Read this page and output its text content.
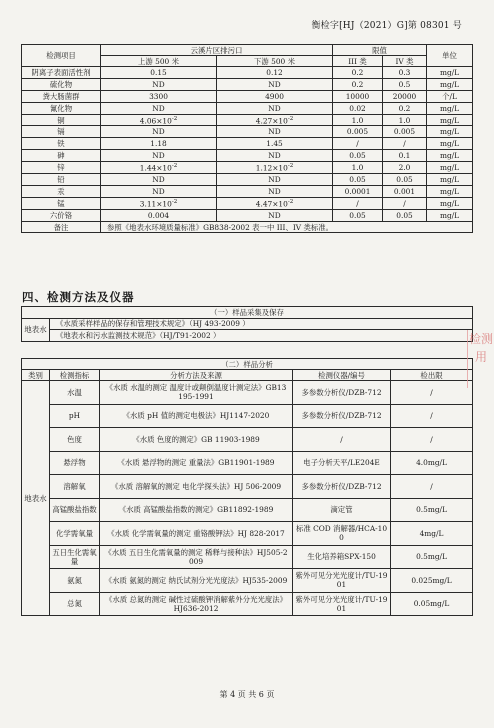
衡检字[HJ（2021）G]第 08301 号
检测项目	云溪片区排污口		限值		单位
	上游 500 米	下游 500 米	III 类	IV 类	
阴离子表面活性剂	0.15	0.12	0.2	0.3	mg/L
硫化物	ND	ND	0.2	0.5	mg/L
粪大肠菌群	3300	4900	10000	20000	个/L
氰化物	ND	ND	0.02	0.2	mg/L
铜	$4.06\times 10^{-2}$	$4.27\times 10^{-2}$	1.0	1.0	mg/L
镉	ND	ND	0.005	0.005	mg/L
铁	1.18	1.45	/	/	mg/L
砷	ND	ND	0.05	0.1	mg/L
锌	$1.44\times 10^{-2}$	$1.12\times 10^{-2}$	1.0	2.0	mg/L
铅	ND	ND	0.05	0.05	mg/L
汞	ND	ND	0.0001	0.001	mg/L
锰	$3.11\times 10^{-2}$	$4.47\times 10^{-2}$	/	/	mg/L
六价铬	0.004	ND	0.05	0.05	mg/L
备注	参照《地表水环境质量标准》GB838-2002 表一中 III、IV 类标准。				
四、检测方法及仪器
（一）样品采集及保存
地表水	《水质采样样品的保存和管理技术规定》（HJ 493-2009 ）
《地表水和污水监测技术规范》（HJ/T91-2002 ）
（二）样品分析				
类别	检测指标	分析方法及来源	检测仪器/编号	检出限
地表水	水温	《水质 水温的测定 温度计或颠倒温度计测定法》GB13195-1991	多参数分析仪/DZB-712	/
	pH	《水质 pH 值的测定电极法》HJ1147-2020	多参数分析仪/DZB-712	/
	色度	《水质 色度的测定》GB 11903-1989	/	/
	悬浮物	《水质 悬浮物的测定 重量法》GB11901-1989	电子分析天平/LE204E	4.0mg/L
	溶解氧	《水质 溶解氧的测定 电化学探头法》HJ 506-2009	多参数分析仪/DZB-712	/
	高锰酸盐指数	《水质 高锰酸盐指数的测定》GB11892-1989	滴定管	0.5mg/L
	化学需氧量	《水质 化学需氧量的测定 重铬酸钾法》HJ 828-2017	标准 COD 消解器/HCA-100	4mg/L
	五日生化需氧量	《水质 五日生化需氧量的测定 稀释与接种法》HJ505-2009	生化培养箱SPX-150	0.5mg/L
	氨氮	《水质 氨氮的测定 纳氏试剂分光光度法》HJ535-2009	紫外可见分光光度计/TU-1901	0.025mg/L
	总氮	《水质 总氮的测定 碱性过硫酸钾消解紫外分光光度法》HJ636-2012	紫外可见分光光度计/TU-1901	0.05mg/L
检测 用
第 4 页 共 6 页
